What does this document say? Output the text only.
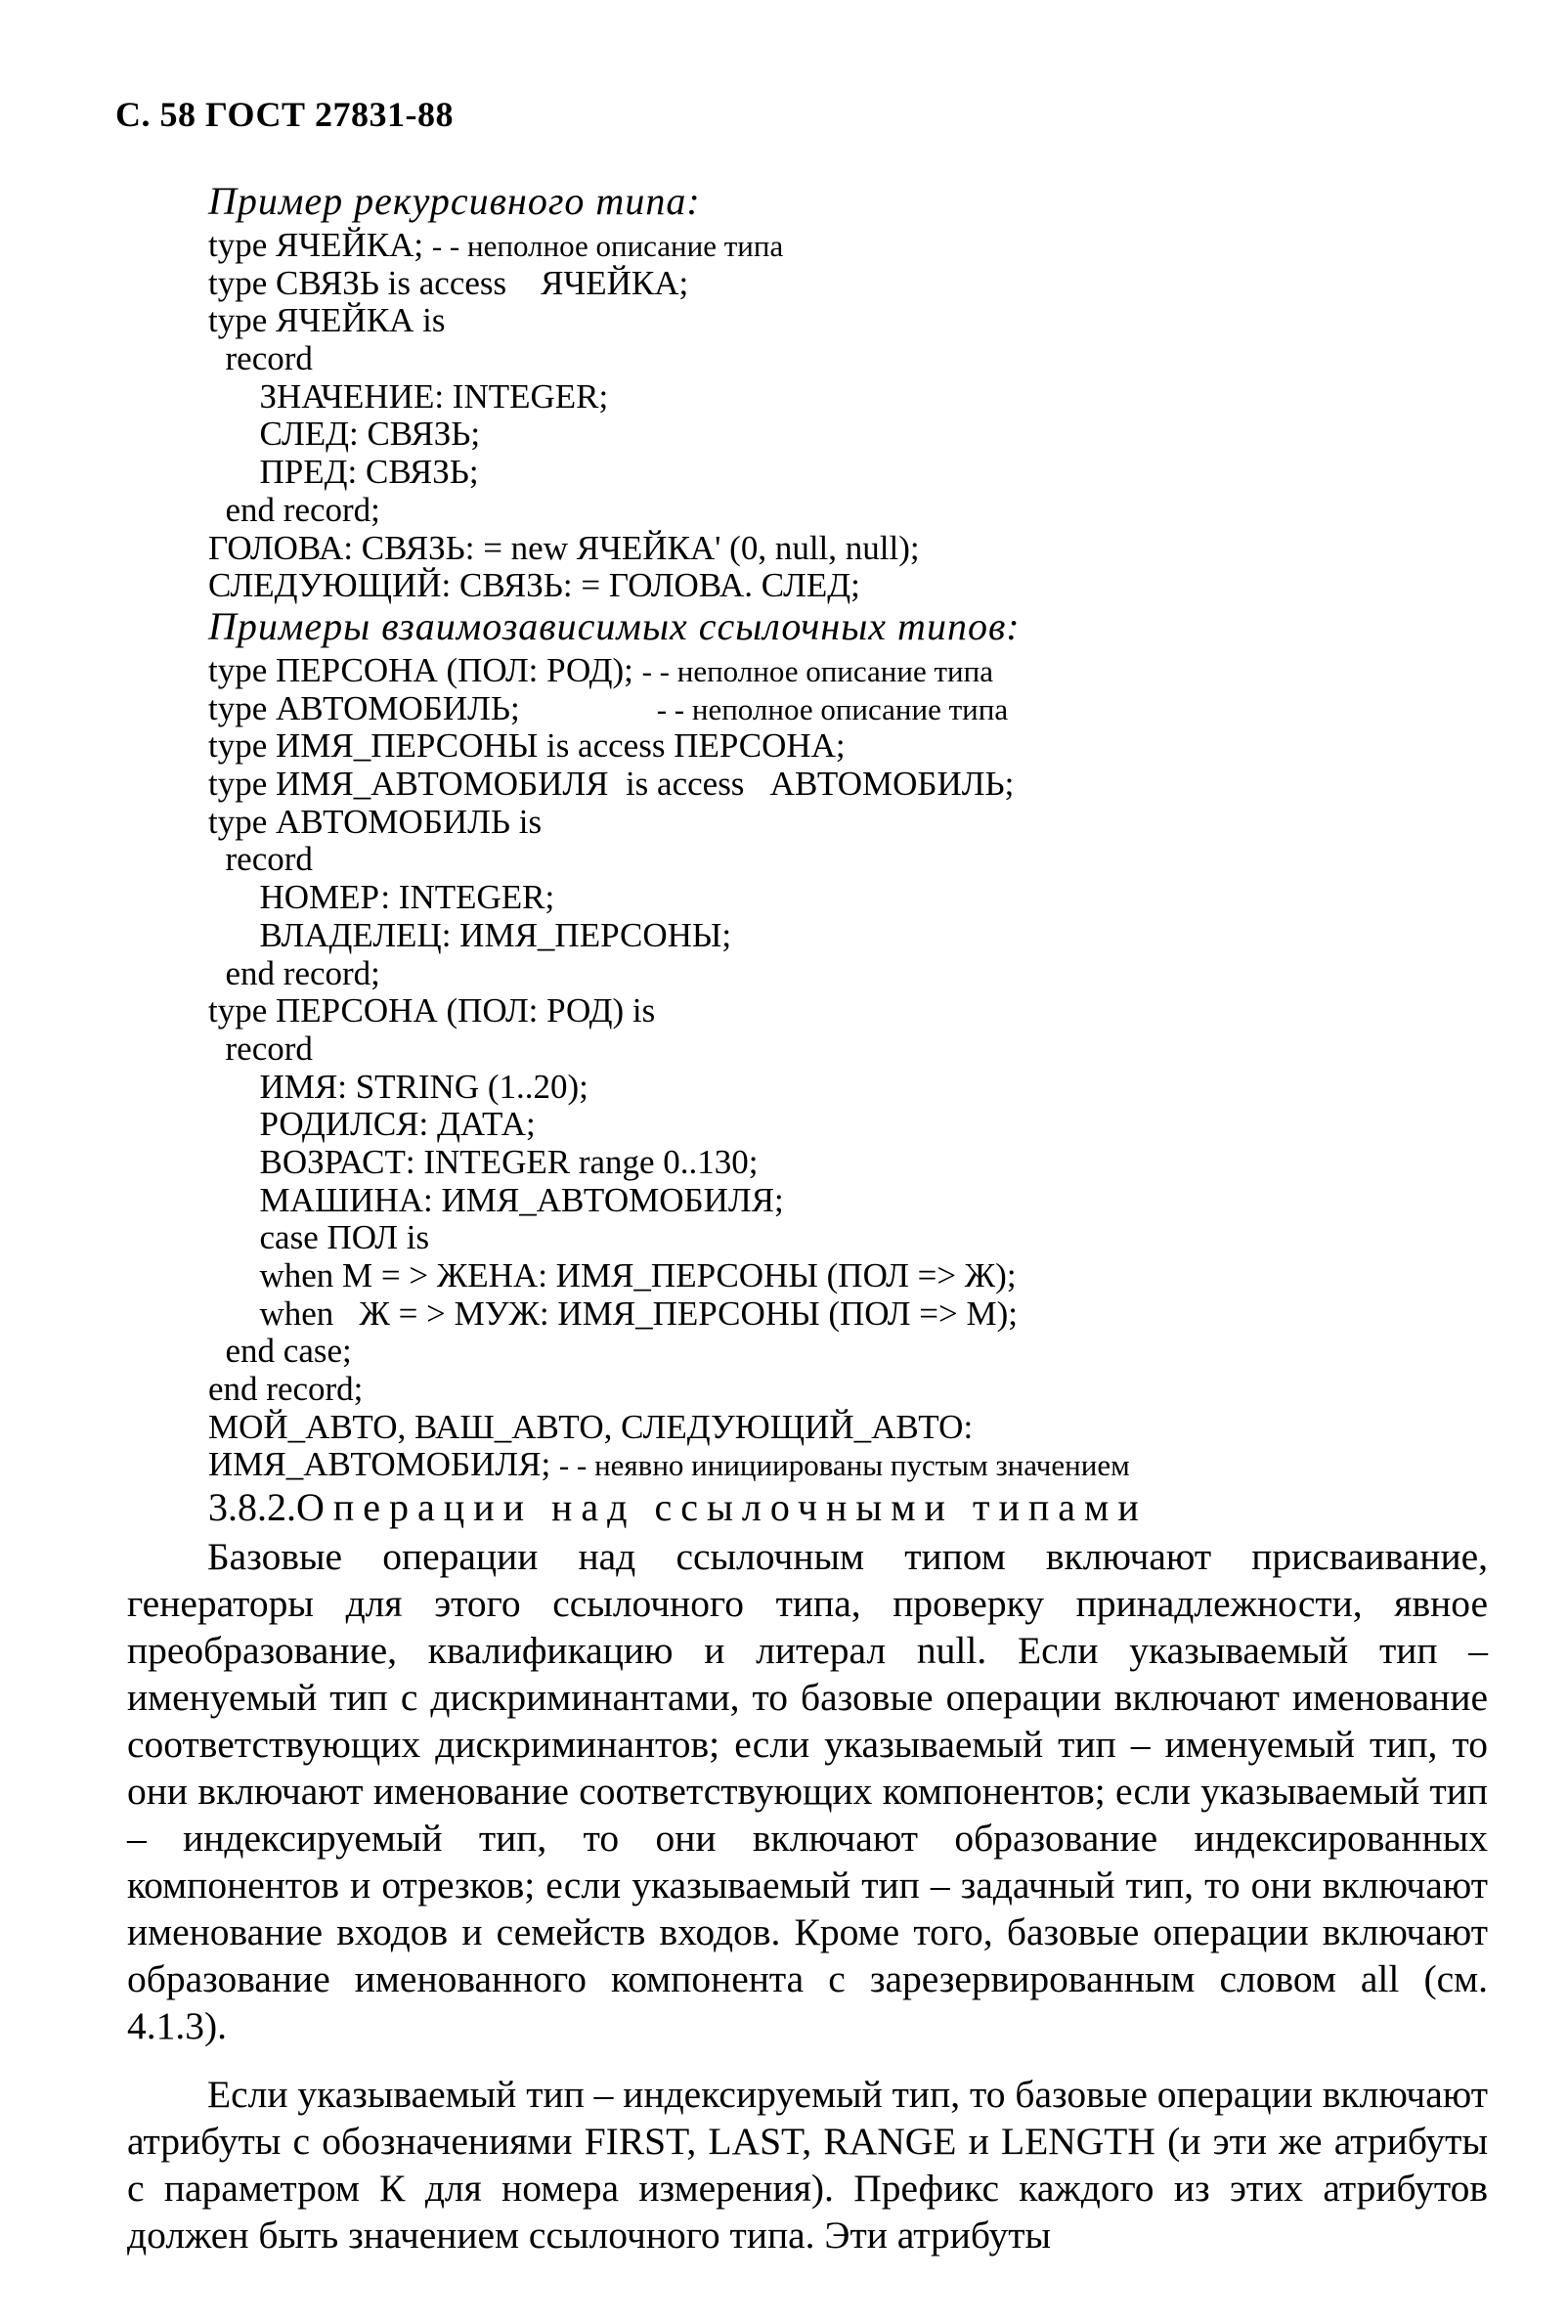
С. 58 ГОСТ 27831-88
Пример рекурсивного типа:
type ЯЧЕЙКА; - - неполное описание типа
type СВЯЗЬ is access    ЯЧЕЙКА;
type ЯЧЕЙКА is
record
ЗНАЧЕНИЕ: INTEGER;
СЛЕД: СВЯЗЬ;
ПРЕД: СВЯЗЬ;
end record;
ГОЛОВА: СВЯЗЬ: = new ЯЧЕЙКА' (0, null, null);
СЛЕДУЮЩИЙ: СВЯЗЬ: = ГОЛОВА. СЛЕД;
Примеры взаимозависимых ссылочных типов:
type ПЕРСОНА (ПОЛ: РОД); - - неполное описание типа
type АВТОМОБИЛЬ;                - - неполное описание типа
type ИМЯ_ПЕРСОНЫ is access ПЕРСОНА;
type ИМЯ_АВТОМОБИЛЯ  is access   АВТОМОБИЛЬ;
type АВТОМОБИЛЬ is
record
НОМЕР: INTEGER;
ВЛАДЕЛЕЦ: ИМЯ_ПЕРСОНЫ;
end record;
type ПЕРСОНА (ПОЛ: РОД) is
record
ИМЯ: STRING (1..20);
РОДИЛСЯ: ДАТА;
ВОЗРАСТ: INTEGER range 0..130;
МАШИНА: ИМЯ_АВТОМОБИЛЯ;
case ПОЛ is
when М = > ЖЕНА: ИМЯ_ПЕРСОНЫ (ПОЛ => Ж);
when   Ж = > МУЖ: ИМЯ_ПЕРСОНЫ (ПОЛ => М);
end case;
end record;
МОЙ_АВТО, ВАШ_АВТО, СЛЕДУЮЩИЙ_АВТО:
ИМЯ_АВТОМОБИЛЯ; - - неявно инициированы пустым значением
3.8.2.Операции над ссылочными типами

Базовые операции над ссылочным типом включают присваивание, генераторы для этого ссылочного типа, проверку принадлежности, явное преобразование, квалификацию и литерал null. Если указываемый тип – именуемый тип с дискриминантами, то базовые операции включают именование соответствующих дискриминантов; если указываемый тип – именуемый тип, то они включают именование соответствующих компонентов; если указываемый тип – индексируемый тип, то они включают образование индексированных компонентов и отрезков; если указываемый тип – задачный тип, то они включают именование входов и семейств входов. Кроме того, базовые операции включают образование именованного компонента с зарезервированным словом all (см. 4.1.3).

Если указываемый тип – индексируемый тип, то базовые операции включают атрибуты с обозначениями FIRST, LAST, RANGE и LENGTH (и эти же атрибуты с параметром К для номера измерения). Префикс каждого из этих атрибутов должен быть значением ссылочного типа. Эти атрибуты
